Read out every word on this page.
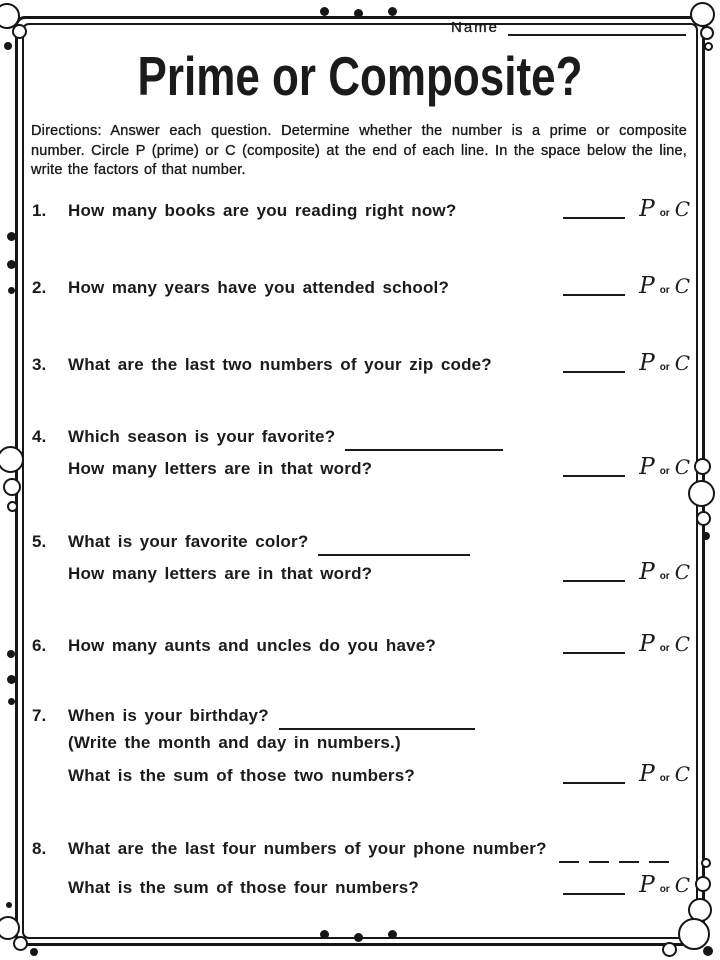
Name
Prime or Composite?
Directions: Answer each question. Determine whether the number is a prime or composite number. Circle P (prime) or C (composite) at the end of each line. In the space below the line, write the factors of that number.
1.	How many books are you reading right now?	P or C
2.	How many years have you attended school?	P or C
3.	What are the last two numbers of your zip code?	P or C
4.	Which season is your favorite?
How many letters are in that word?	P or C
5.	What is your favorite color?
How many letters are in that word?	P or C
6.	How many aunts and uncles do you have?	P or C
7.	When is your birthday?
(Write the month and day in numbers.)
What is the sum of those two numbers?	P or C
8.	What are the last four numbers of your phone number?
What is the sum of those four numbers?	P or C
